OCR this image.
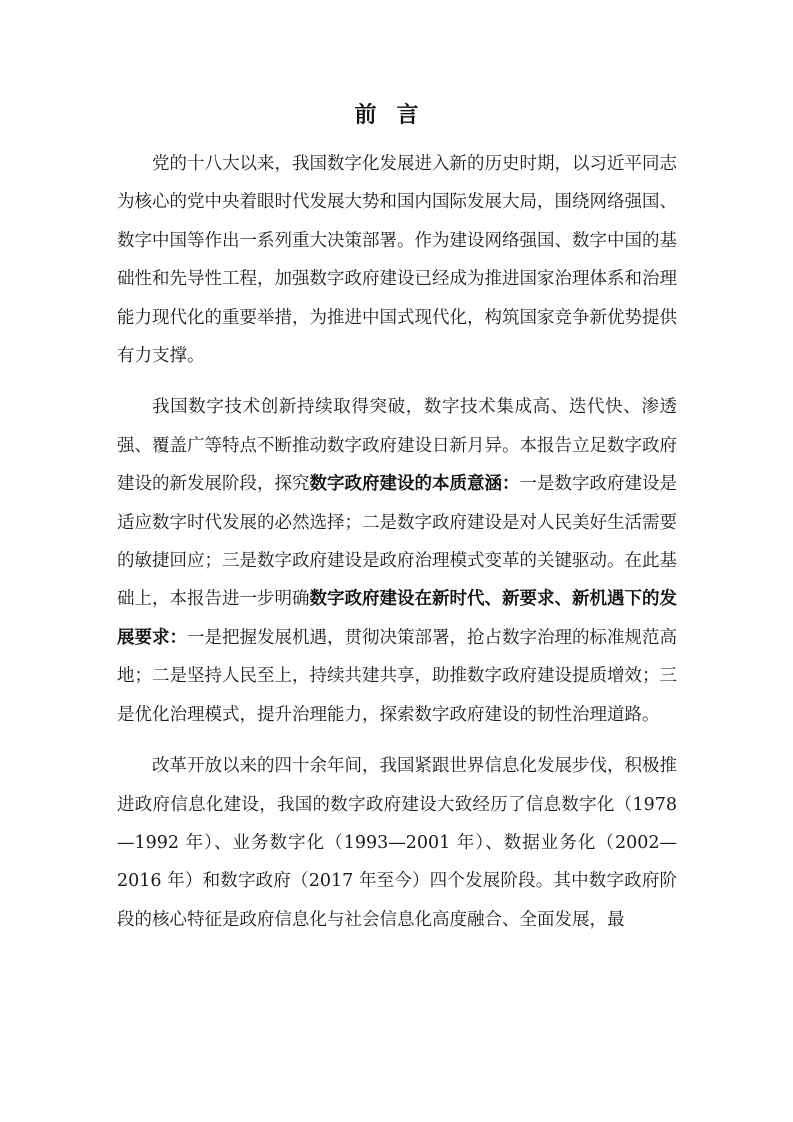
前言

党的十八大以来，我国数字化发展进入新的历史时期，以习近平同志为核心的党中央着眼时代发展大势和国内国际发展大局，围绕网络强国、数字中国等作出一系列重大决策部署。作为建设网络强国、数字中国的基础性和先导性工程，加强数字政府建设已经成为推进国家治理体系和治理能力现代化的重要举措，为推进中国式现代化，构筑国家竞争新优势提供有力支撑。

我国数字技术创新持续取得突破，数字技术集成高、迭代快、渗透强、覆盖广等特点不断推动数字政府建设日新月异。本报告立足数字政府建设的新发展阶段，探究数字政府建设的本质意涵：一是数字政府建设是适应数字时代发展的必然选择；二是数字政府建设是对人民美好生活需要的敏捷回应；三是数字政府建设是政府治理模式变革的关键驱动。在此基础上，本报告进一步明确数字政府建设在新时代、新要求、新机遇下的发展要求：一是把握发展机遇，贯彻决策部署，抢占数字治理的标准规范高地；二是坚持人民至上，持续共建共享，助推数字政府建设提质增效；三是优化治理模式，提升治理能力，探索数字政府建设的韧性治理道路。

改革开放以来的四十余年间，我国紧跟世界信息化发展步伐，积极推进政府信息化建设，我国的数字政府建设大致经历了信息数字化（1978—1992 年）、业务数字化（1993—2001 年）、数据业务化（2002—2016 年）和数字政府（2017 年至今）四个发展阶段。其中数字政府阶段的核心特征是政府信息化与社会信息化高度融合、全面发展，最
